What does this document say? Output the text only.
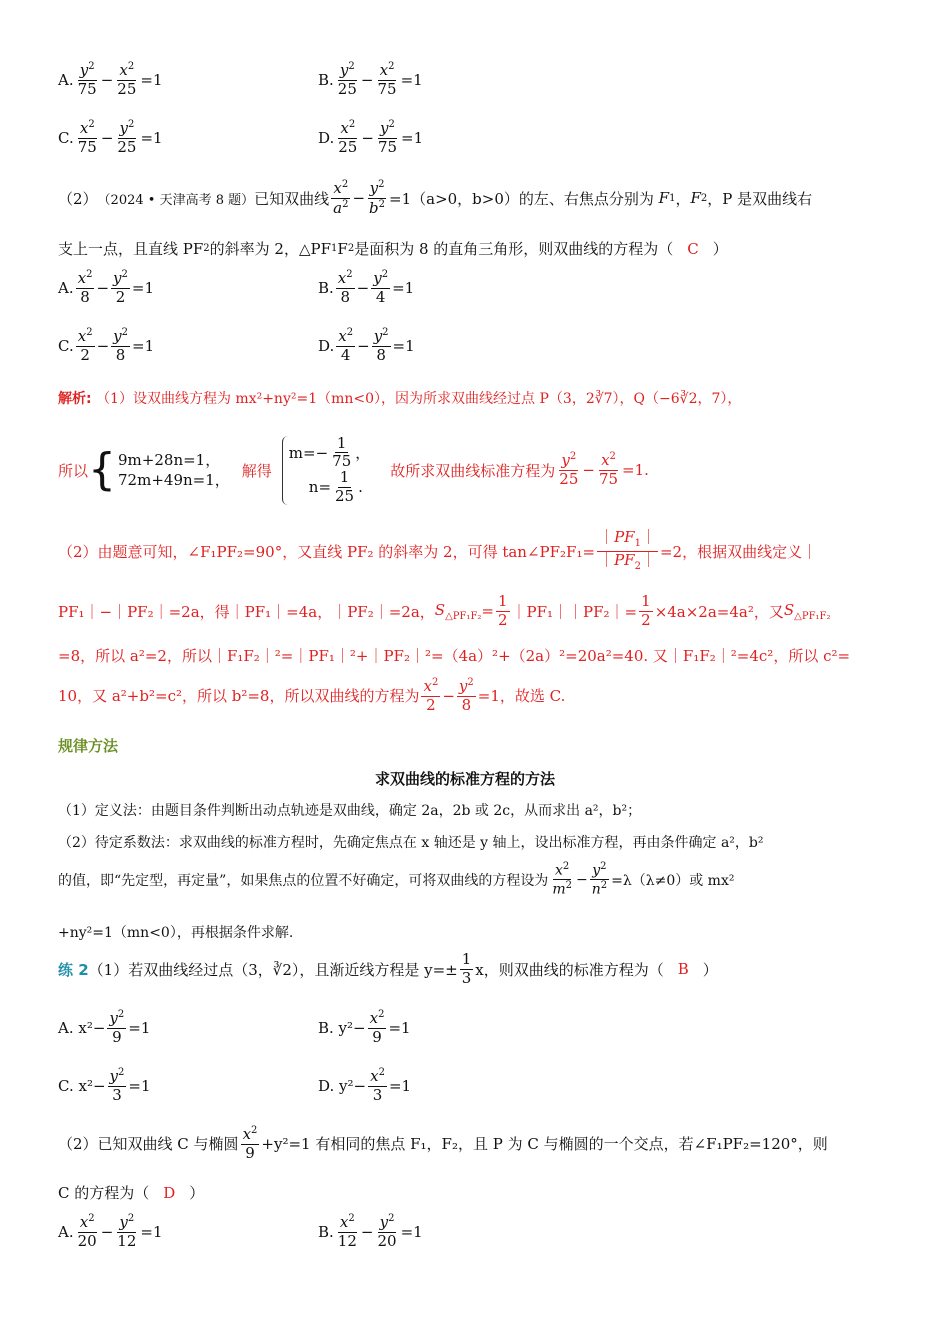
A. $\frac{y^2}{75} - \frac{x^2}{25} =1$	B. $\frac{y^2}{25} - \frac{x^2}{75} =1$
C. $\frac{x^2}{75} - \frac{y^2}{25} =1$	D. $\frac{x^2}{25} - \frac{y^2}{75} =1$
（2） （2024 • 天津高考 8 题） 已知双曲线 $\frac{x^2}{a^2} - \frac{y^2}{b^2} =1(a>0$，b>0）的左、右焦点分别为 F 1 ， F 2 ，P 是双曲线右
支上一点，且直线 PF 2 的斜率为 2，△PF 1 F 2 是面积为 8 的直角三角形，则双曲线的方程为（ C ）
A. $\frac{x^2}{8} - \frac{y^2}{2} =1$	B. $\frac{x^2}{8} - \frac{y^2}{4} =1$
C. $\frac{x^2}{2} - \frac{y^2}{8} =1$	D. $\frac{x^2}{4} - \frac{y^2}{8} =1$
解析:
（1）设双曲线方程为 mx²+ny²=1（mn<0），因为所求双曲线经过点 P（3，2∛7），Q（−6∛2，7），
所以 { 9m+28n=1，
72m+49n=1，
解得
$m=- \frac{1}{75}$ ，
$n= \frac{1}{25}$ .
故所求双曲线标准方程为 $\frac{y^2}{25} - \frac{x^2}{75} =1$.
（2）由题意可知，∠F₁PF₂=90°，又直线 PF₂ 的斜率为 2，可得 tan∠PF₂F₁= $\frac{|PF_1|}{|PF_2|} =2$，根据双曲线定义｜
PF₁｜−｜PF₂｜=2a，得｜PF₁｜=4a，｜PF₂｜=2a， $S_{\triangle PF_1F_2} = \frac{1}{2}$ ｜PF₁｜｜PF₂｜= $\frac{1}{2} \times 4a\times 2a=4a^2$，又 $S_{\triangle PF_1F_2}$
=8，所以 a²=2，所以｜F₁F₂｜²=｜PF₁｜²+｜PF₂｜²=（4a）²+（2a）²=20a²=40. 又｜F₁F₂｜²=4c²，所以 c²=
10，又 a²+b²=c²，所以 b²=8，所以双曲线的方程为 $\frac{x^2}{2} - \frac{y^2}{8} =1$，故选 C.
规律方法
求双曲线的标准方程的方法
（1）定义法：由题目条件判断出动点轨迹是双曲线，确定 2a，2b 或 2c，从而求出 a²，b²；
（2）待定系数法：求双曲线的标准方程时，先确定焦点在 x 轴还是 y 轴上，设出标准方程，再由条件确定 a²，b²
的值，即“先定型，再定量”，如果焦点的位置不好确定，可将双曲线的方程设为 $\frac{x^2}{m^2} - \frac{y^2}{n^2} =\lambda(\lambda\ne 0)$或 mx²
+ny²=1（mn<0），再根据条件求解.
练 2 （1）若双曲线经过点（3，∛2），且渐近线方程是 $y=\pm \frac{1}{3}$ x，则双曲线的标准方程为（ B ）
A. $x^2- \frac{y^2}{9} =1$	B. $y^2- \frac{x^2}{9} =1$
C. $x^2- \frac{y^2}{3} =1$	D. $y^2- \frac{x^2}{3} =1$
（2）已知双曲线 C 与椭圆 $\frac{x^2}{9} +y^2=1$ 有相同的焦点 F₁，F₂，且 P 为 C 与椭圆的一个交点，若∠F₁PF₂=120°，则
C 的方程为（ D ）
A. $\frac{x^2}{20} - \frac{y^2}{12} =1$	B. $\frac{x^2}{12} - \frac{y^2}{20} =1$
